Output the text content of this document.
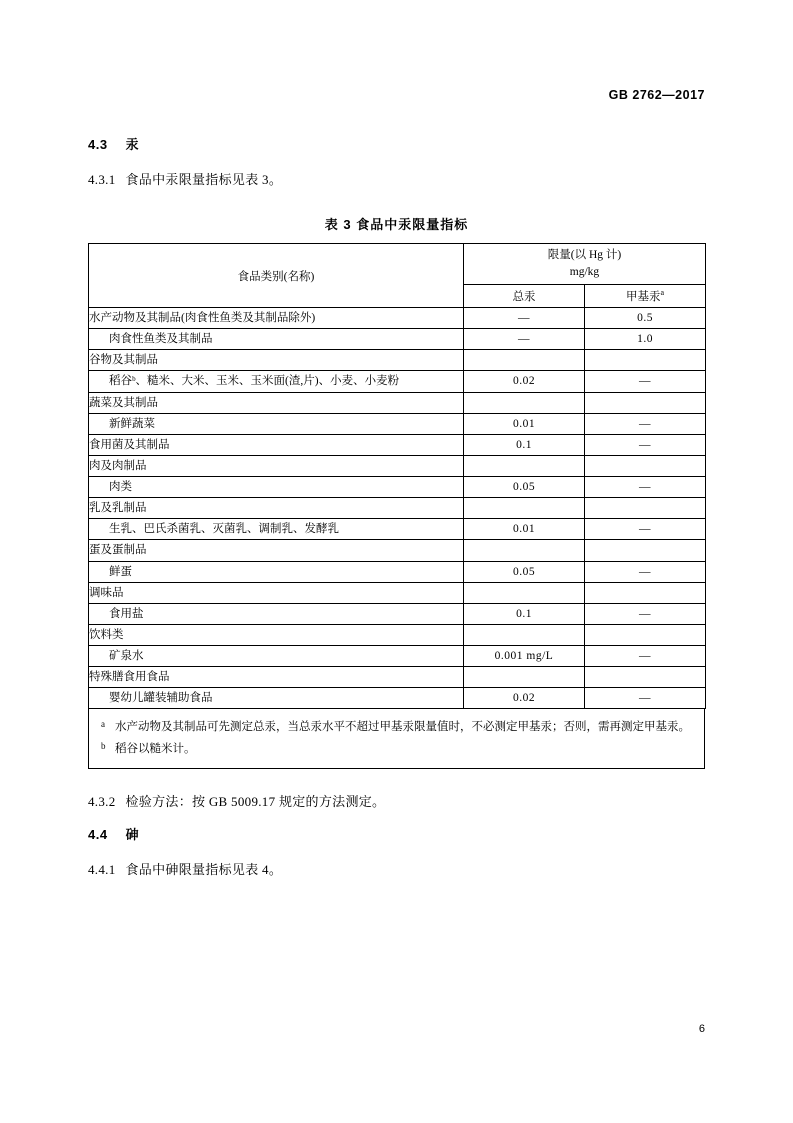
GB 2762—2017
4.3 汞
4.3.1 食品中汞限量指标见表 3。
表 3 食品中汞限量指标
食品类别(名称)	限量(以 Hg 计)
mg/kg	

	总汞	甲基汞$^a$
水产动物及其制品(肉食性鱼类及其制品除外)	—	0.5

肉食性鱼类及其制品	—	1.0
谷物及其制品		

稻谷ᵇ、糙米、大米、玉米、玉米面(渣,片)、小麦、小麦粉	0.02	—
蔬菜及其制品		

新鲜蔬菜	0.01	—
食用菌及其制品	0.1	—
肉及肉制品		

肉类	0.05	—
乳及乳制品		

生乳、巴氏杀菌乳、灭菌乳、调制乳、发酵乳	0.01	—
蛋及蛋制品		

鲜蛋	0.05	—
调味品		

食用盐	0.1	—
饮料类		

矿泉水	0.001 mg/L	—
特殊膳食用食品		

婴幼儿罐装辅助食品	0.02	—
a 水产动物及其制品可先测定总汞，当总汞水平不超过甲基汞限量值时，不必测定甲基汞；否则，需再测定甲基汞。
b 稻谷以糙米计。
4.3.2 检验方法：按 GB 5009.17 规定的方法测定。
4.4 砷
4.4.1 食品中砷限量指标见表 4。
6
